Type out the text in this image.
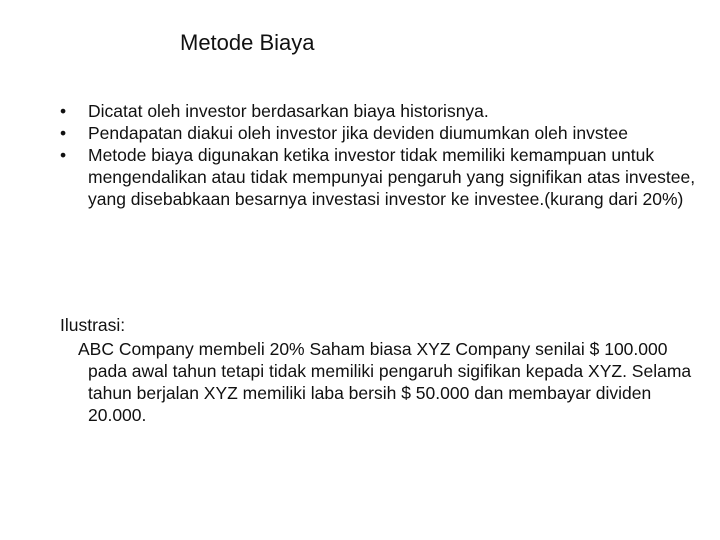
Metode Biaya
•	Dicatat oleh investor berdasarkan biaya historisnya.
•	Pendapatan diakui oleh investor jika deviden diumumkan oleh invstee
•	Metode biaya digunakan ketika investor tidak memiliki kemampuan untuk mengendalikan atau tidak mempunyai pengaruh yang signifikan atas investee, yang disebabkaan besarnya investasi investor ke investee.(kurang dari 20%)
Ilustrasi:
ABC Company membeli 20% Saham biasa XYZ Company senilai $ 100.000 pada awal tahun tetapi tidak memiliki pengaruh sigifikan kepada XYZ. Selama tahun berjalan XYZ memiliki laba bersih $ 50.000 dan membayar dividen 20.000.
